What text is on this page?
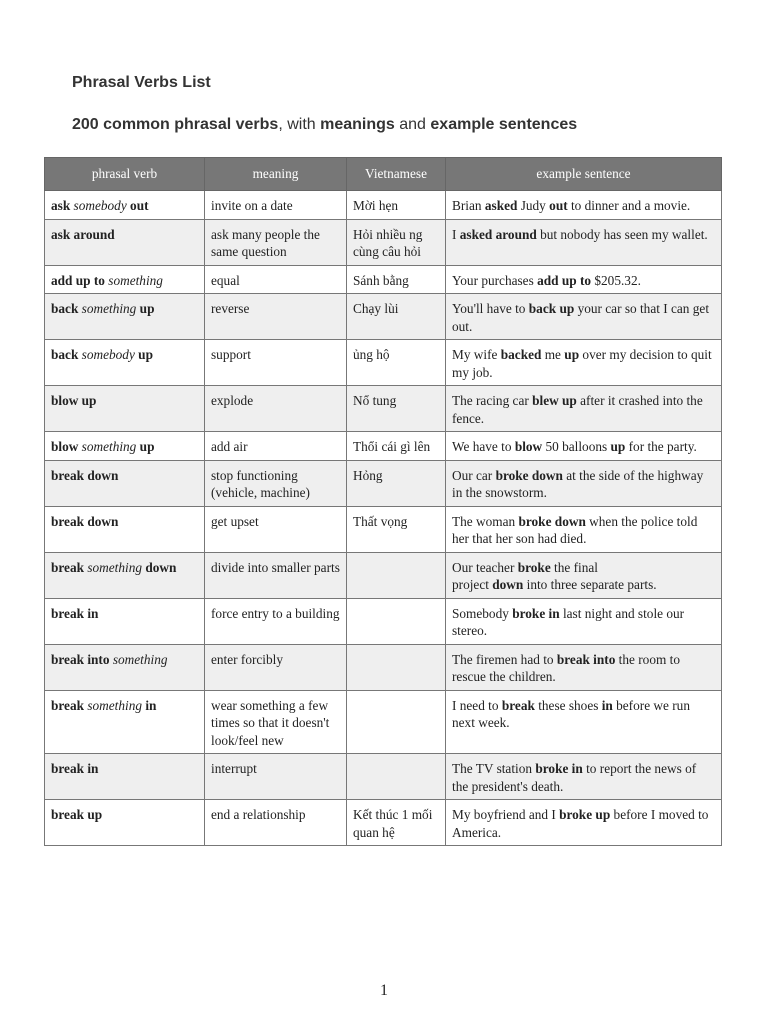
Phrasal Verbs List
200 common phrasal verbs, with meanings and example sentences
phrasal verb	meaning	Vietnamese	example sentence
ask somebody out	invite on a date	Mời hẹn	Brian asked Judy out to dinner and a movie.
ask around	ask many people the same question	Hỏi nhiều ng cùng câu hỏi	I asked around but nobody has seen my wallet.
add up to something	equal	Sánh bằng	Your purchases add up to $205.32.
back something up	reverse	Chạy lùi	You'll have to back up your car so that I can get out.
back somebody up	support	ủng hộ	My wife backed me up over my decision to quit my job.
blow up	explode	Nổ tung	The racing car blew up after it crashed into the fence.
blow something up	add air	Thổi cái gì lên	We have to blow 50 balloons up for the party.
break down	stop functioning (vehicle, machine)	Hỏng	Our car broke down at the side of the highway in the snowstorm.
break down	get upset	Thất vọng	The woman broke down when the police told her that her son had died.
break something down	divide into smaller parts		Our teacher broke the final
project down into three separate parts.
break in	force entry to a building		Somebody broke in last night and stole our stereo.
break into something	enter forcibly		The firemen had to break into the room to rescue the children.
break something in	wear something a few times so that it doesn't look/feel new		I need to break these shoes in before we run next week.
break in	interrupt		The TV station broke in to report the news of the president's death.
break up	end a relationship	Kết thúc 1 mối quan hệ	My boyfriend and I broke up before I moved to America.
1
